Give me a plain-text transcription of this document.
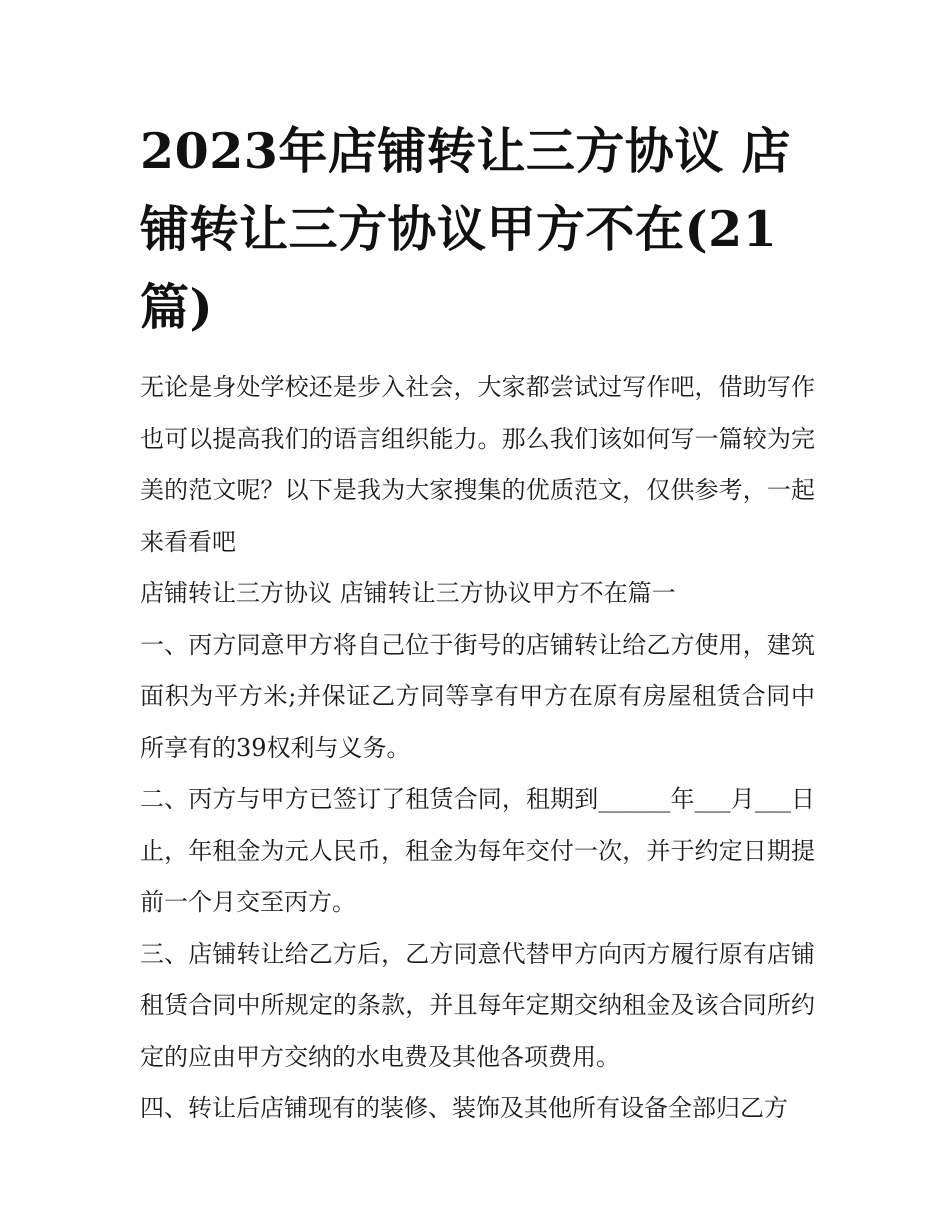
2023年店铺转让三方协议 店铺转让三方协议甲方不在(21篇)

无论是身处学校还是步入社会，大家都尝试过写作吧，借助写作也可以提高我们的语言组织能力。那么我们该如何写一篇较为完美的范文呢？以下是我为大家搜集的优质范文，仅供参考，一起来看看吧

店铺转让三方协议 店铺转让三方协议甲方不在篇一

一、丙方同意甲方将自己位于街号的店铺转让给乙方使用，建筑面积为平方米;并保证乙方同等享有甲方在原有房屋租赁合同中所享有的39权利与义务。

二、丙方与甲方已签订了租赁合同，租期到______年___月___日止，年租金为元人民币，租金为每年交付一次，并于约定日期提前一个月交至丙方。

三、店铺转让给乙方后，乙方同意代替甲方向丙方履行原有店铺租赁合同中所规定的条款，并且每年定期交纳租金及该合同所约定的应由甲方交纳的水电费及其他各项费用。

四、转让后店铺现有的装修、装饰及其他所有设备全部归乙方
